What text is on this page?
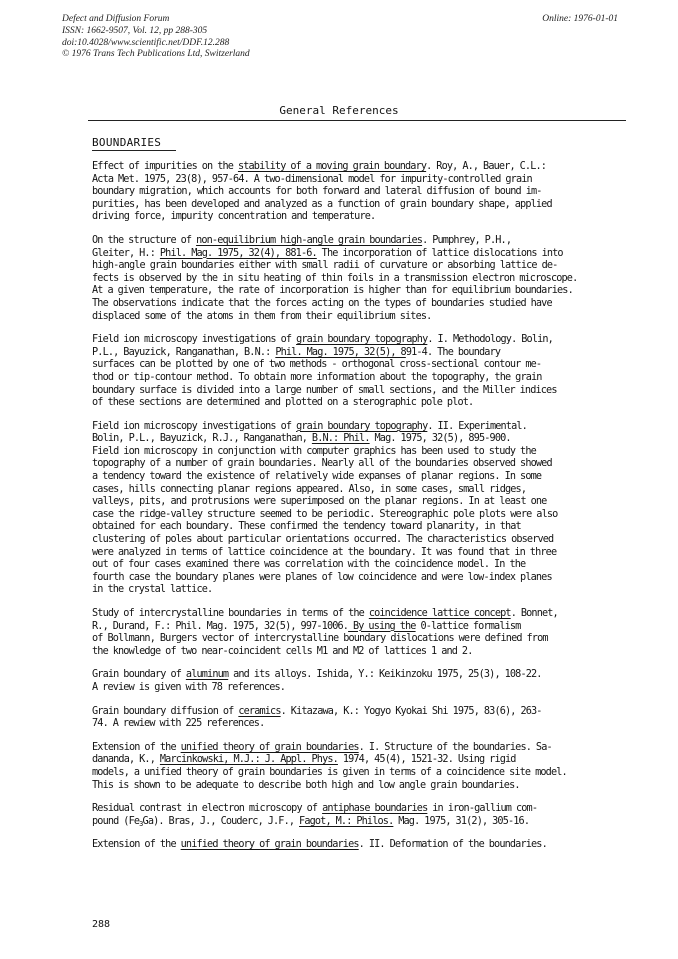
Defect and Diffusion Forum
ISSN: 1662-9507, Vol. 12, pp 288-305
doi:10.4028/www.scientific.net/DDF.12.288
© 1976 Trans Tech Publications Ltd, Switzerland
Online: 1976-01-01
General References
BOUNDARIES
Effect of impurities on the stability of a moving grain boundary. Roy, A., Bauer, C.L.:
Acta Met. 1975, 23(8), 957-64. A two-dimensional model for impurity-controlled grain
boundary migration, which accounts for both forward and lateral diffusion of bound im-
purities, has been developed and analyzed as a function of grain boundary shape, applied
driving force, impurity concentration and temperature.
On the structure of non-equilibrium high-angle grain boundaries. Pumphrey, P.H.,
Gleiter, H.: Phil. Mag. 1975, 32(4), 881-6. The incorporation of lattice dislocations into
high-angle grain boundaries either with small radii of curvature or absorbing lattice de-
fects is observed by the in situ heating of thin foils in a transmission electron microscope.
At a given temperature, the rate of incorporation is higher than for equilibrium boundaries.
The observations indicate that the forces acting on the types of boundaries studied have
displaced some of the atoms in them from their equilibrium sites.
Field ion microscopy investigations of grain boundary topography. I. Methodology. Bolin,
P.L., Bayuzick, Ranganathan, B.N.: Phil. Mag. 1975, 32(5), 891-4. The boundary
surfaces can be plotted by one of two methods - orthogonal cross-sectional contour me-
thod or tip-contour method. To obtain more information about the topography, the grain
boundary surface is divided into a large number of small sections, and the Miller indices
of these sections are determined and plotted on a sterographic pole plot.
Field ion microscopy investigations of grain boundary topography. II. Experimental.
Bolin, P.L., Bayuzick, R.J., Ranganathan, B.N.: Phil. Mag. 1975, 32(5), 895-900.
Field ion microscopy in conjunction with computer graphics has been used to study the
topography of a number of grain boundaries. Nearly all of the boundaries observed showed
a tendency toward the existence of relatively wide expanses of planar regions. In some
cases, hills connecting planar regions appeared. Also, in some cases, small ridges,
valleys, pits, and protrusions were superimposed on the planar regions. In at least one
case the ridge-valley structure seemed to be periodic. Stereographic pole plots were also
obtained for each boundary. These confirmed the tendency toward planarity, in that
clustering of poles about particular orientations occurred. The characteristics observed
were analyzed in terms of lattice coincidence at the boundary. It was found that in three
out of four cases examined there was correlation with the coincidence model. In the
fourth case the boundary planes were planes of low coincidence and were low-index planes
in the crystal lattice.
Study of intercrystalline boundaries in terms of the coincidence lattice concept. Bonnet,
R., Durand, F.: Phil. Mag. 1975, 32(5), 997-1006. By using the 0-lattice formalism
of Bollmann, Burgers vector of intercrystalline boundary dislocations were defined from
the knowledge of two near-coincident cells M1 and M2 of lattices 1 and 2.
Grain boundary of aluminum and its alloys. Ishida, Y.: Keikinzoku 1975, 25(3), 108-22.
A review is given with 78 references.
Grain boundary diffusion of ceramics. Kitazawa, K.: Yogyo Kyokai Shi 1975, 83(6), 263-
74. A rewiew with 225 references.
Extension of the unified theory of grain boundaries. I. Structure of the boundaries. Sa-
dananda, K., Marcinkowski, M.J.: J. Appl. Phys. 1974, 45(4), 1521-32. Using rigid
models, a unified theory of grain boundaries is given in terms of a coincidence site model.
This is shown to be adequate to describe both high and low angle grain boundaries.
Residual contrast in electron microscopy of antiphase boundaries in iron-gallium com-
pound $(Fe_3Ga)$. Bras, J., Couderc, J.F., Fagot, M.: Philos. Mag. 1975, 31(2), 305-16.
Extension of the unified theory of grain boundaries. II. Deformation of the boundaries.
288
